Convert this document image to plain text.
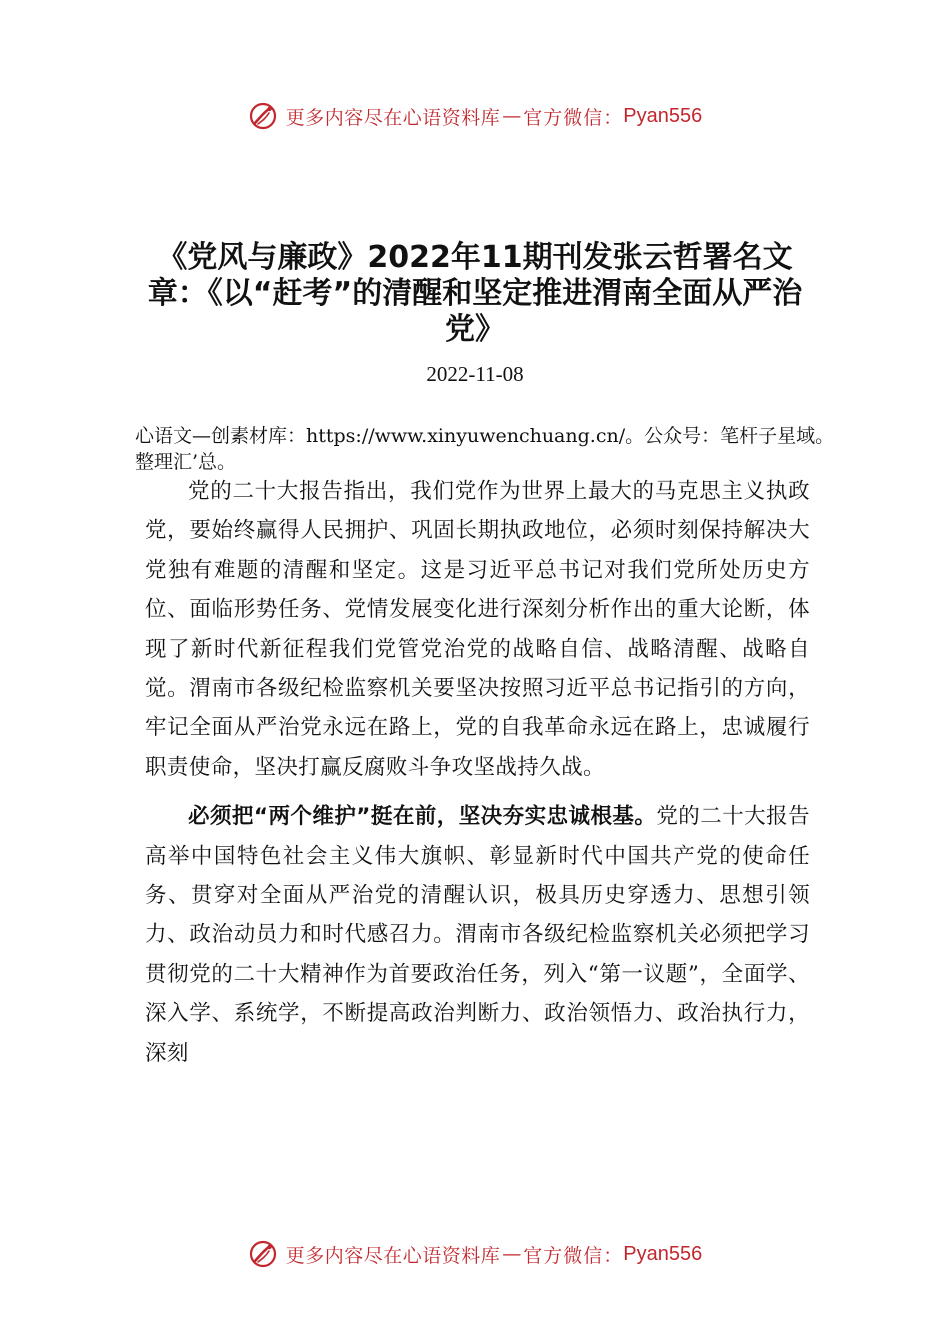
更多内容尽在心语资料库 — 官方微信： Pyan556
《党风与廉政》2022年11期刊发张云哲署名文章：《以“赶考”的清醒和坚定推进渭南全面从严治党》
2022-11-08
心语文—创素材库：https://www.xinyuwenchuang.cn/。公众号：笔杆子星域。整理汇’总。

党的二十大报告指出，我们党作为世界上最大的马克思主义执政党，要始终赢得人民拥护、巩固长期执政地位，必须时刻保持解决大党独有难题的清醒和坚定。这是习近平总书记对我们党所处历史方位、面临形势任务、党情发展变化进行深刻分析作出的重大论断，体现了新时代新征程我们党管党治党的战略自信、战略清醒、战略自觉。渭南市各级纪检监察机关要坚决按照习近平总书记指引的方向，牢记全面从严治党永远在路上，党的自我革命永远在路上，忠诚履行职责使命，坚决打赢反腐败斗争攻坚战持久战。

必须把“两个维护”挺在前，坚决夯实忠诚根基。党的二十大报告高举中国特色社会主义伟大旗帜、彰显新时代中国共产党的使命任务、贯穿对全面从严治党的清醒认识，极具历史穿透力、思想引领力、政治动员力和时代感召力。渭南市各级纪检监察机关必须把学习贯彻党的二十大精神作为首要政治任务，列入“第一议题”，全面学、深入学、系统学，不断提高政治判断力、政治领悟力、政治执行力，深刻

更多内容尽在心语资料库 — 官方微信： Pyan556
